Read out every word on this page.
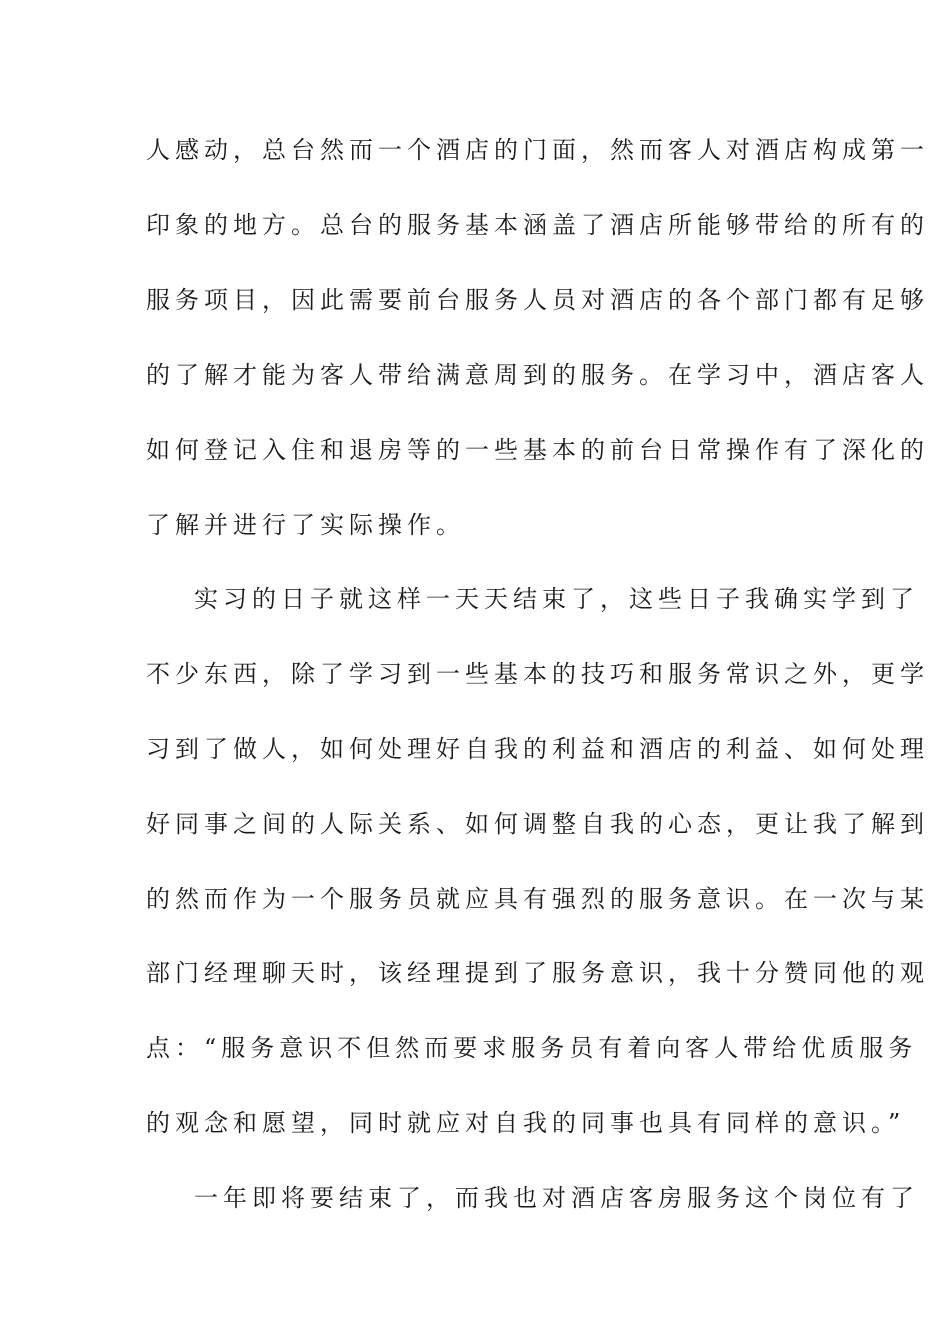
人感动，总台然而一个酒店的门面，然而客人对酒店构成第一
印象的地方。总台的服务基本涵盖了酒店所能够带给的所有的
服务项目，因此需要前台服务人员对酒店的各个部门都有足够
的了解才能为客人带给满意周到的服务。在学习中，酒店客人
如何登记入住和退房等的一些基本的前台日常操作有了深化的
了解并进行了实际操作。
实习的日子就这样一天天结束了，这些日子我确实学到了
不少东西，除了学习到一些基本的技巧和服务常识之外，更学
习到了做人，如何处理好自我的利益和酒店的利益、如何处理
好同事之间的人际关系、如何调整自我的心态，更让我了解到
的然而作为一个服务员就应具有强烈的服务意识。在一次与某
部门经理聊天时，该经理提到了服务意识，我十分赞同他的观
点：“服务意识不但然而要求服务员有着向客人带给优质服务
的观念和愿望，同时就应对自我的同事也具有同样的意识。”
一年即将要结束了，而我也对酒店客房服务这个岗位有了
